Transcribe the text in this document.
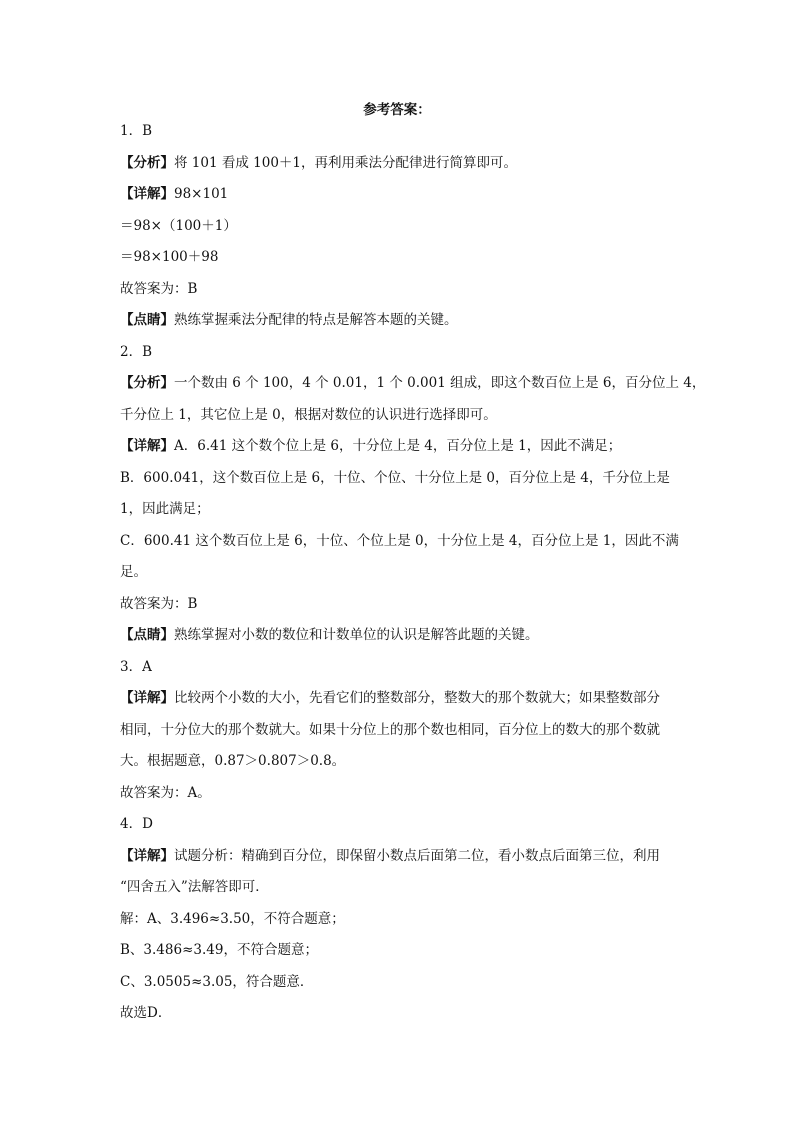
参考答案：
1．B
【分析】将 101 看成 100＋1，再利用乘法分配律进行简算即可。
【详解】98×101
＝98×（100＋1）
＝98×100＋98
故答案为：B
【点睛】熟练掌握乘法分配律的特点是解答本题的关键。
2．B
【分析】一个数由 6 个 100，4 个 0.01，1 个 0.001 组成，即这个数百位上是 6，百分位上 4，
千分位上 1，其它位上是 0，根据对数位的认识进行选择即可。
【详解】A．6.41 这个数个位上是 6，十分位上是 4，百分位上是 1，因此不满足；
B．600.041，这个数百位上是 6，十位、个位、十分位上是 0，百分位上是 4，千分位上是
1，因此满足；
C．600.41 这个数百位上是 6，十位、个位上是 0，十分位上是 4，百分位上是 1，因此不满
足。
故答案为：B
【点睛】熟练掌握对小数的数位和计数单位的认识是解答此题的关键。
3．A
【详解】比较两个小数的大小，先看它们的整数部分，整数大的那个数就大；如果整数部分
相同，十分位大的那个数就大。如果十分位上的那个数也相同，百分位上的数大的那个数就
大。根据题意，0.87＞0.807＞0.8。
故答案为：A。
4．D
【详解】试题分析：精确到百分位，即保留小数点后面第二位，看小数点后面第三位，利用
“四舍五入”法解答即可．
解：A、3.496≈3.50，不符合题意；
B、3.486≈3.49，不符合题意；
C、3.0505≈3.05，符合题意．
故选D．
